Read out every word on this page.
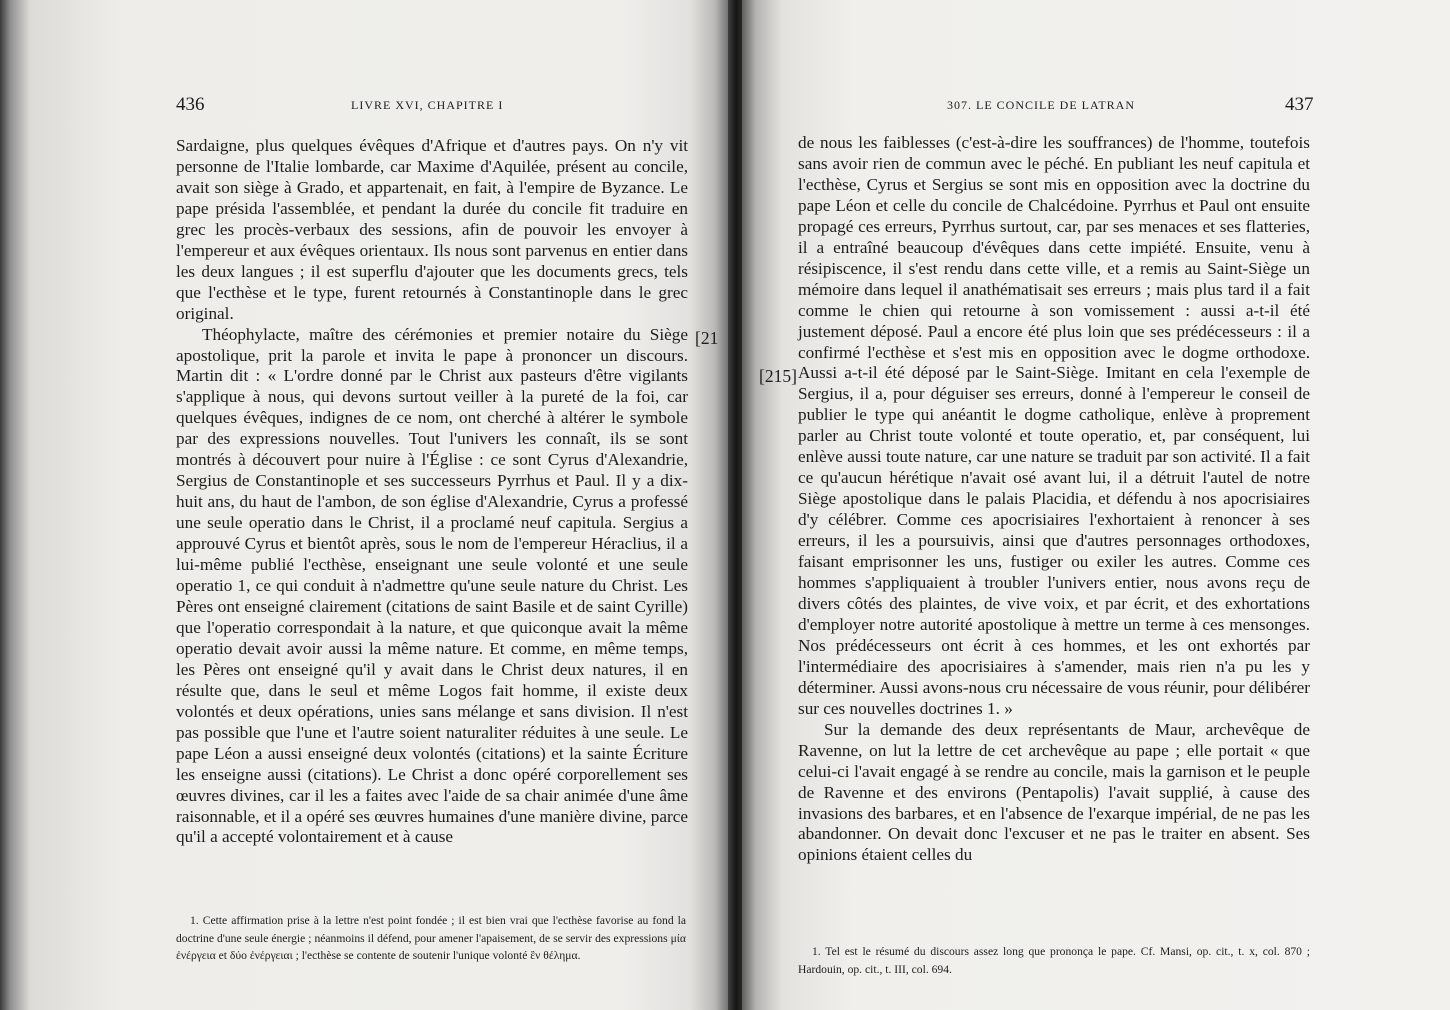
436	LIVRE XVI, CHAPITRE I

Sardaigne, plus quelques évêques d'Afrique et d'autres pays. On n'y vit personne de l'Italie lombarde, car Maxime d'Aquilée, présent au concile, avait son siège à Grado, et appartenait, en fait, à l'empire de Byzance. Le pape présida l'assemblée, et pendant la durée du concile fit traduire en grec les procès-verbaux des sessions, afin de pouvoir les envoyer à l'empereur et aux évêques orientaux. Ils nous sont parvenus en entier dans les deux langues ; il est superflu d'ajouter que les documents grecs, tels que l'ecthèse et le type, furent retournés à Constantinople dans le grec original.

Théophylacte, maître des cérémonies et premier notaire du Siège apostolique, prit la parole et invita le pape à prononcer un discours. Martin dit : « L'ordre donné par le Christ aux pasteurs d'être vigilants s'applique à nous, qui devons surtout veiller à la pureté de la foi, car quelques évêques, indignes de ce nom, ont cherché à altérer le symbole par des expressions nouvelles. Tout l'univers les connaît, ils se sont montrés à découvert pour nuire à l'Église : ce sont Cyrus d'Alexandrie, Sergius de Constantinople et ses successeurs Pyrrhus et Paul. Il y a dix-huit ans, du haut de l'ambon, de son église d'Alexandrie, Cyrus a professé une seule operatio dans le Christ, il a proclamé neuf capitula. Sergius a approuvé Cyrus et bientôt après, sous le nom de l'empereur Héraclius, il a lui-même publié l'ecthèse, enseignant une seule volonté et une seule operatio 1, ce qui conduit à n'admettre qu'une seule nature du Christ. Les Pères ont enseigné clairement (citations de saint Basile et de saint Cyrille) que l'operatio correspondait à la nature, et que quiconque avait la même operatio devait avoir aussi la même nature. Et comme, en même temps, les Pères ont enseigné qu'il y avait dans le Christ deux natures, il en résulte que, dans le seul et même Logos fait homme, il existe deux volontés et deux opérations, unies sans mélange et sans division. Il n'est pas possible que l'une et l'autre soient naturaliter réduites à une seule. Le pape Léon a aussi enseigné deux volontés (citations) et la sainte Écriture les enseigne aussi (citations). Le Christ a donc opéré corporellement ses œuvres divines, car il les a faites avec l'aide de sa chair animée d'une âme raisonnable, et il a opéré ses œuvres humaines d'une manière divine, parce qu'il a accepté volontairement et à cause

1. Cette affirmation prise à la lettre n'est point fondée ; il est bien vrai que l'ecthèse favorise au fond la doctrine d'une seule énergie ; néanmoins il défend, pour amener l'apaisement, de se servir des expressions μία ἐνέργεια et δύο ἐνέργειαι ; l'ecthèse se contente de soutenir l'unique volonté ἓν θέλημα.

[21
307. LE CONCILE DE LATRAN	437
[215]

de nous les faiblesses (c'est-à-dire les souffrances) de l'homme, toutefois sans avoir rien de commun avec le péché. En publiant les neuf capitula et l'ecthèse, Cyrus et Sergius se sont mis en opposition avec la doctrine du pape Léon et celle du concile de Chalcédoine. Pyrrhus et Paul ont ensuite propagé ces erreurs, Pyrrhus surtout, car, par ses menaces et ses flatteries, il a entraîné beaucoup d'évêques dans cette impiété. Ensuite, venu à résipiscence, il s'est rendu dans cette ville, et a remis au Saint-Siège un mémoire dans lequel il anathématisait ses erreurs ; mais plus tard il a fait comme le chien qui retourne à son vomissement : aussi a-t-il été justement déposé. Paul a encore été plus loin que ses prédécesseurs : il a confirmé l'ecthèse et s'est mis en opposition avec le dogme orthodoxe. Aussi a-t-il été déposé par le Saint-Siège. Imitant en cela l'exemple de Sergius, il a, pour déguiser ses erreurs, donné à l'empereur le conseil de publier le type qui anéantit le dogme catholique, enlève à proprement parler au Christ toute volonté et toute operatio, et, par conséquent, lui enlève aussi toute nature, car une nature se traduit par son activité. Il a fait ce qu'aucun hérétique n'avait osé avant lui, il a détruit l'autel de notre Siège apostolique dans le palais Placidia, et défendu à nos apocrisiaires d'y célébrer. Comme ces apocrisiaires l'exhortaient à renoncer à ses erreurs, il les a poursuivis, ainsi que d'autres personnages orthodoxes, faisant emprisonner les uns, fustiger ou exiler les autres. Comme ces hommes s'appliquaient à troubler l'univers entier, nous avons reçu de divers côtés des plaintes, de vive voix, et par écrit, et des exhortations d'employer notre autorité apostolique à mettre un terme à ces mensonges. Nos prédécesseurs ont écrit à ces hommes, et les ont exhortés par l'intermédiaire des apocrisiaires à s'amender, mais rien n'a pu les y déterminer. Aussi avons-nous cru nécessaire de vous réunir, pour délibérer sur ces nouvelles doctrines 1. »

Sur la demande des deux représentants de Maur, archevêque de Ravenne, on lut la lettre de cet archevêque au pape ; elle portait « que celui-ci l'avait engagé à se rendre au concile, mais la garnison et le peuple de Ravenne et des environs (Pentapolis) l'avait supplié, à cause des invasions des barbares, et en l'absence de l'exarque impérial, de ne pas les abandonner. On devait donc l'excuser et ne pas le traiter en absent. Ses opinions étaient celles du

1. Tel est le résumé du discours assez long que prononça le pape. Cf. Mansi, op. cit., t. x, col. 870 ; Hardouin, op. cit., t. III, col. 694.
